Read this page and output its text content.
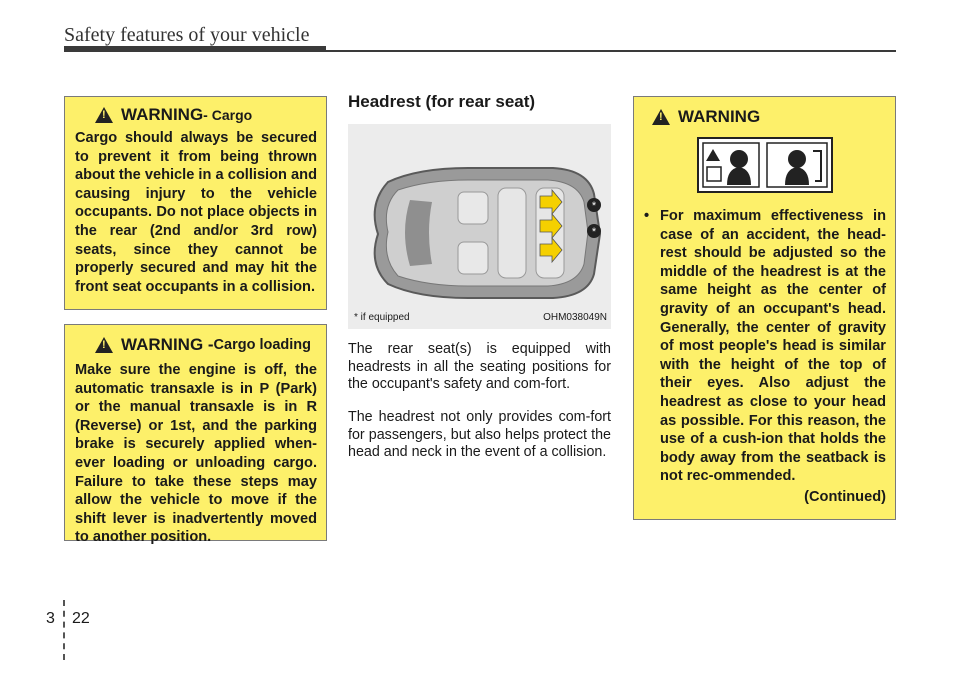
Safety features of your vehicle
!
WARNING - Cargo
Cargo should always be secured to prevent it from being thrown about the vehicle in a collision and causing injury to the vehicle occupants. Do not place objects in the rear (2nd and/or 3rd row) seats, since they cannot be properly secured and may hit the front seat occupants in a collision.
!
WARNING - Cargo loading
Make sure the engine is off, the automatic transaxle is in P (Park) or the manual transaxle is in R (Reverse) or 1st, and the parking brake is securely applied when-ever loading or unloading cargo. Failure to take these steps may allow the vehicle to move if the shift lever is inadvertently moved to another position.
Headrest (for rear seat)
*
*
* if equipped	OHM038049N
The rear seat(s) is equipped with headrests in all the seating positions for the occupant's safety and com-fort.
The headrest not only provides com-fort for passengers, but also helps protect the head and neck in the event of a collision.
!
WARNING
• For maximum effectiveness in case of an accident, the head-rest should be adjusted so the middle of the headrest is at the same height as the center of gravity of an occupant's head. Generally, the center of gravity of most people's head is similar with the height of the top of their eyes. Also adjust the headrest as close to your head as possible. For this reason, the use of a cush-ion that holds the body away from the seatback is not rec-ommended.
(Continued)
3 22
